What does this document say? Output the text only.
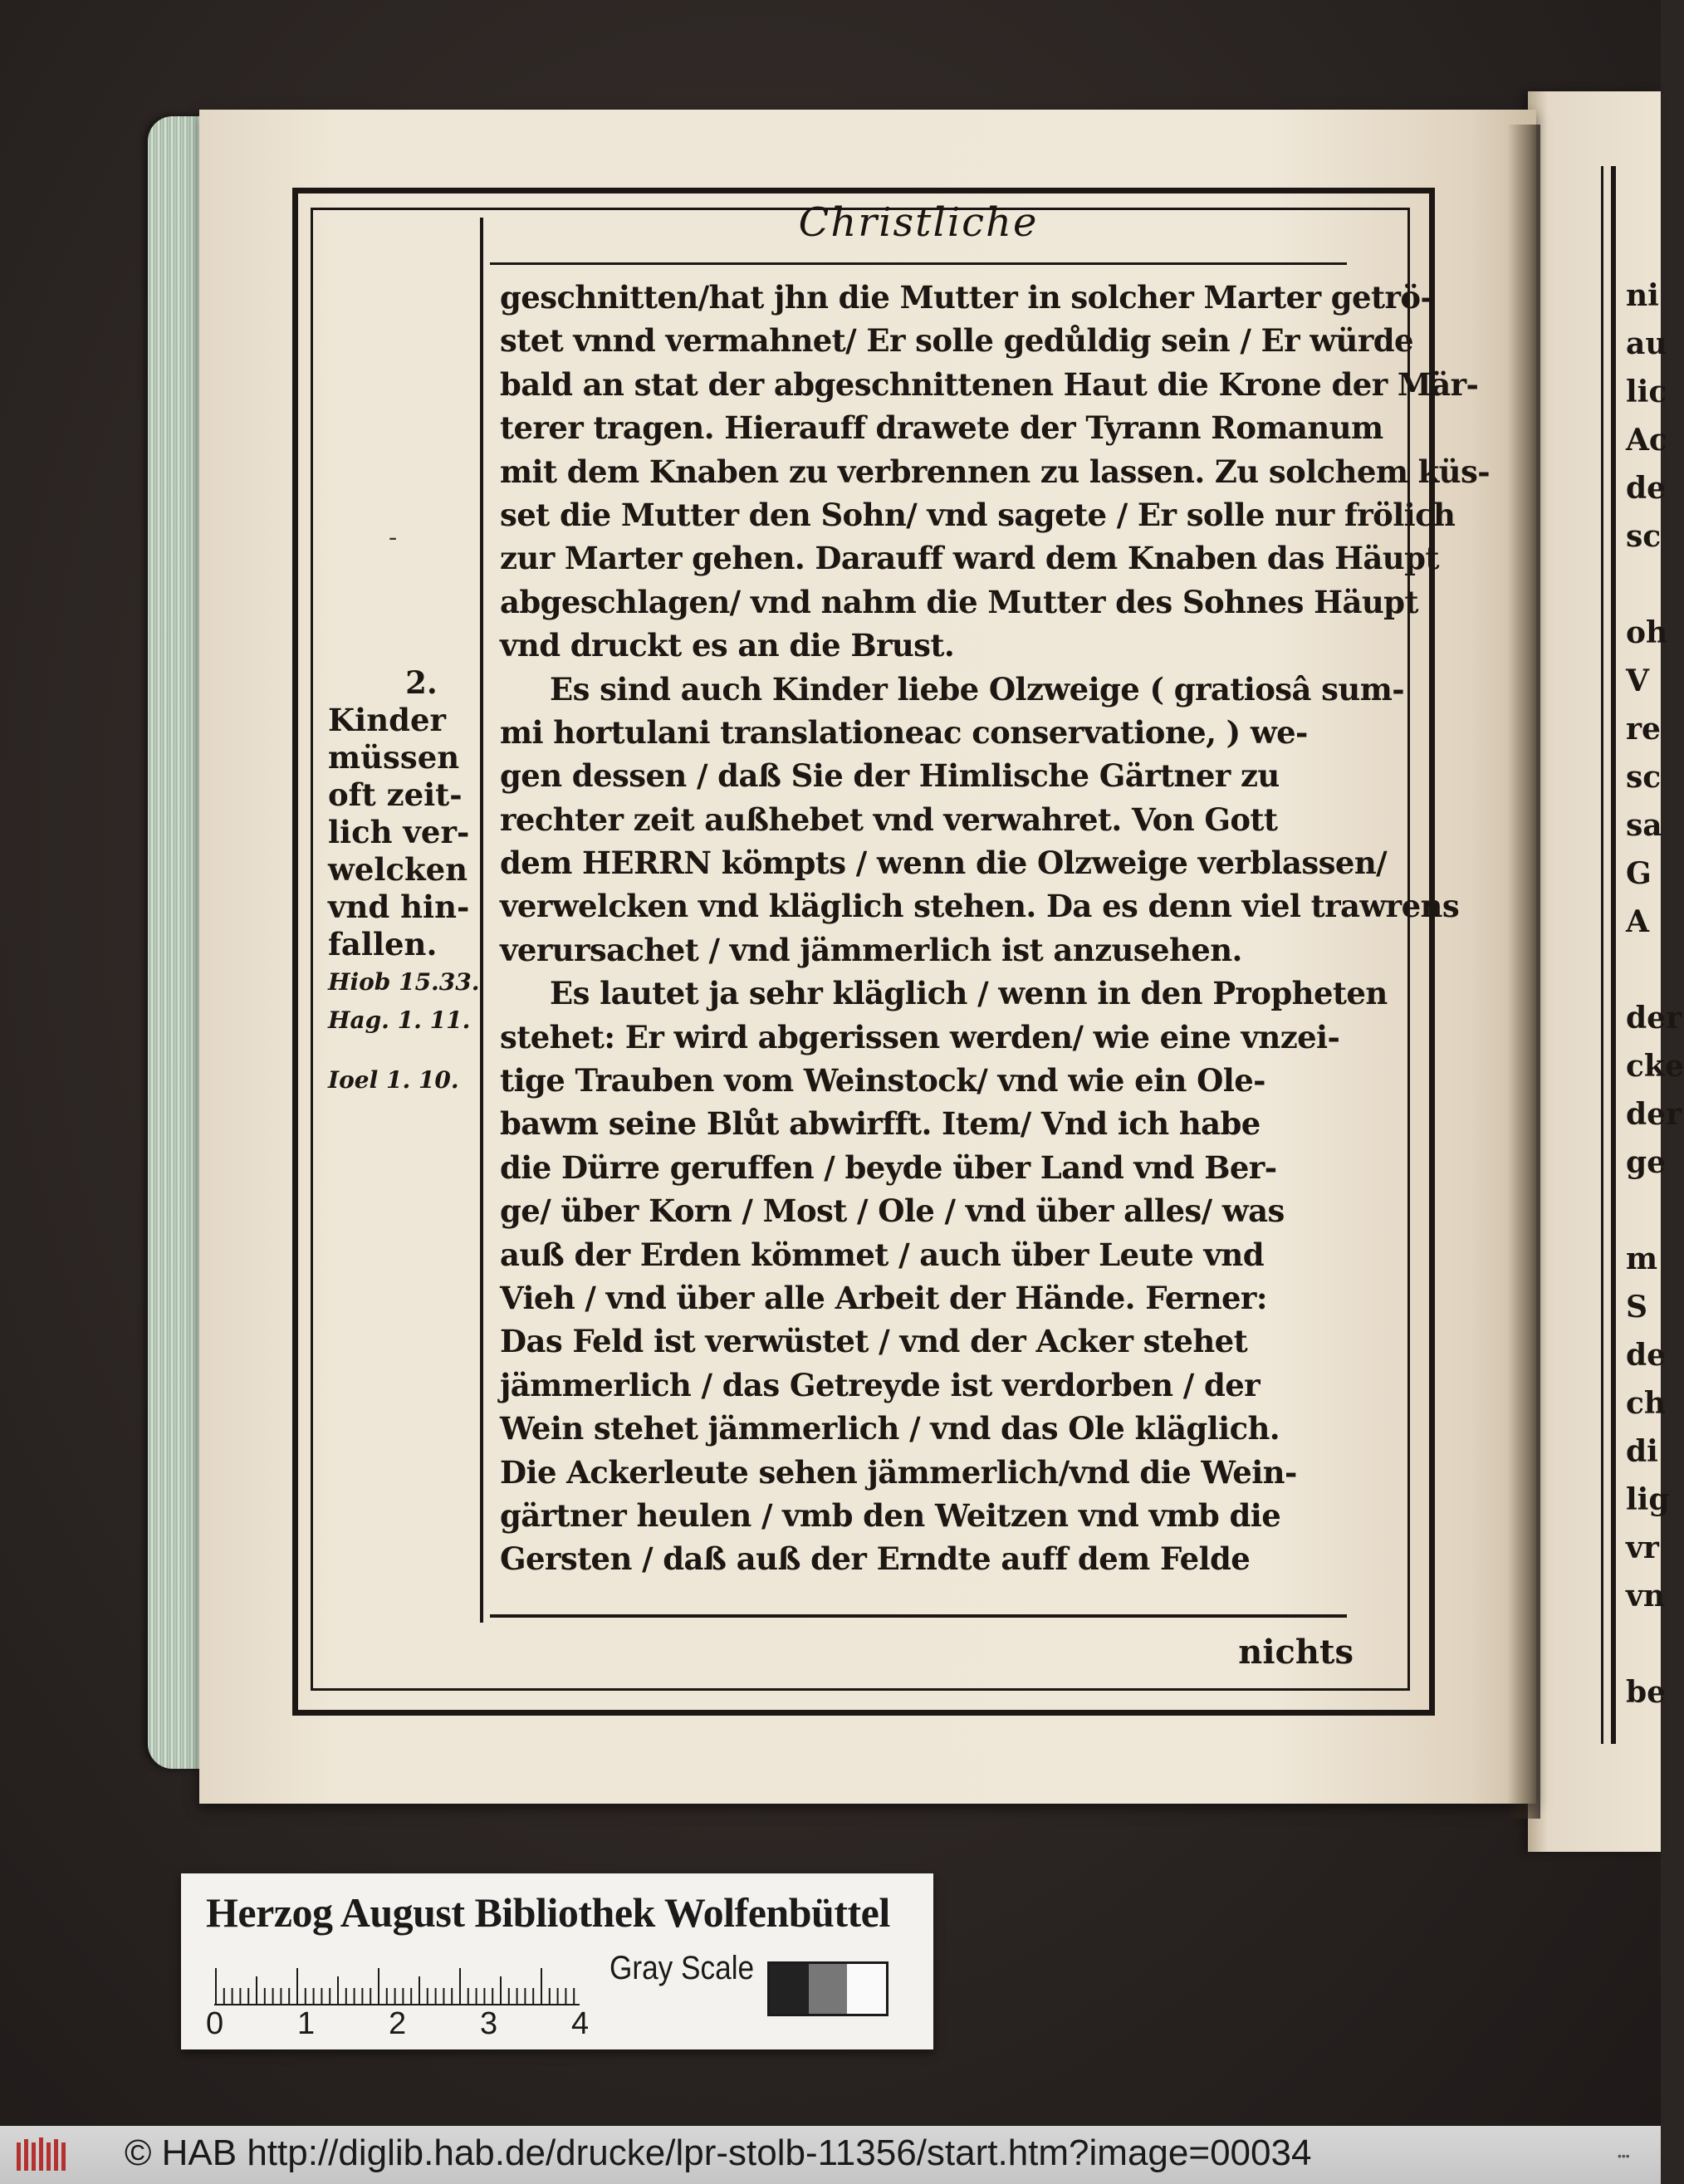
ni
au
lic
Ac
de
sc
oh
V
re
sc
sa
G
A
der
cke
der
ge
m
S
de
ch
di
lig
vr
vn
be
Christliche
geschnitten/hat jhn die Mutter in solcher Marter getrö-
stet vnnd vermahnet/ Er solle gedůldig sein / Er würde
bald an stat der abgeschnittenen Haut die Krone der Mär-
terer tragen. Hierauff drawete der Tyrann Romanum
mit dem Knaben zu verbrennen zu lassen. Zu solchem küs-
set die Mutter den Sohn/ vnd sagete / Er solle nur frölich
zur Marter gehen. Darauff ward dem Knaben das Häupt
abgeschlagen/ vnd nahm die Mutter des Sohnes Häupt
vnd druckt es an die Brust.
Es sind auch Kinder liebe Olzweige ( gratiosâ sum-
mi hortulani translationeac conservatione, ) we-
gen dessen / daß Sie der Himlische Gärtner zu
rechter zeit außhebet vnd verwahret. Von Gott
dem HERRN kömpts / wenn die Olzweige verblassen/
verwelcken vnd kläglich stehen. Da es denn viel trawrens
verursachet / vnd jämmerlich ist anzusehen.
Es lautet ja sehr kläglich / wenn in den Propheten
stehet: Er wird abgerissen werden/ wie eine vnzei-
tige Trauben vom Weinstock/ vnd wie ein Ole-
bawm seine Blůt abwirfft. Item/ Vnd ich habe
die Dürre geruffen / beyde über Land vnd Ber-
ge/ über Korn / Most / Ole / vnd über alles/ was
auß der Erden kömmet / auch über Leute vnd
Vieh / vnd über alle Arbeit der Hände. Ferner:
Das Feld ist verwüstet / vnd der Acker stehet
jämmerlich / das Getreyde ist verdorben / der
Wein stehet jämmerlich / vnd das Ole kläglich.
Die Ackerleute sehen jämmerlich/vnd die Wein-
gärtner heulen / vmb den Weitzen vnd vmb die
Gersten / daß auß der Erndte auff dem Felde
-
2.
Kinder
müssen
oft zeit-
lich ver-
welcken
vnd hin-
fallen.
Hiob 15.33.
Hag. 1. 11.
Ioel 1. 10.
nichts
Herzog August Bibliothek Wolfenbüttel
0 1 2 3 4
Gray Scale
© HAB http://diglib.hab.de/drucke/lpr-stolb-11356/start.htm?image=00034	•••
